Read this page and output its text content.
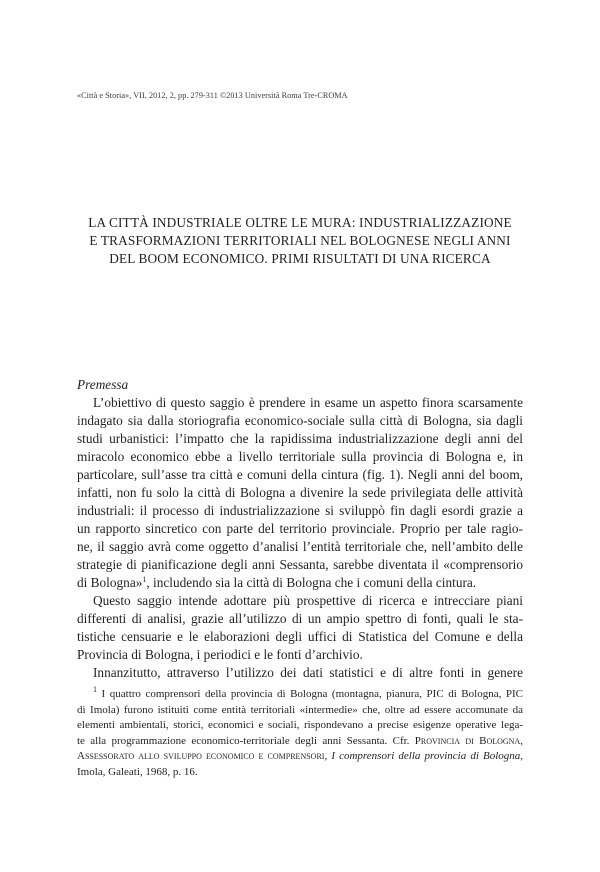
«Città e Storia», VII, 2012, 2, pp. 279-311 ©2013 Università Roma Tre-CROMA
LA CITTÀ INDUSTRIALE OLTRE LE MURA: INDUSTRIALIZZAZIONE
E TRASFORMAZIONI TERRITORIALI NEL BOLOGNESE NEGLI ANNI
DEL BOOM ECONOMICO. PRIMI RISULTATI DI UNA RICERCA
Premessa
L’obiettivo di questo saggio è prendere in esame un aspetto finora scarsamente
indagato sia dalla storiografia economico-sociale sulla città di Bologna, sia dagli
studi urbanistici: l’impatto che la rapidissima industrializzazione degli anni del
miracolo economico ebbe a livello territoriale sulla provincia di Bologna e, in
particolare, sull’asse tra città e comuni della cintura (fig. 1). Negli anni del boom,
infatti, non fu solo la città di Bologna a divenire la sede privilegiata delle attività
industriali: il processo di industrializzazione si sviluppò fin dagli esordi grazie a
un rapporto sincretico con parte del territorio provinciale. Proprio per tale ragio-
ne, il saggio avrà come oggetto d’analisi l’entità territoriale che, nell’ambito delle
strategie di pianificazione degli anni Sessanta, sarebbe diventata il «comprensorio
di Bologna»$^1$, includendo sia la città di Bologna che i comuni della cintura.
Questo saggio intende adottare più prospettive di ricerca e intrecciare piani
differenti di analisi, grazie all’utilizzo di un ampio spettro di fonti, quali le sta-
tistiche censuarie e le elaborazioni degli uffici di Statistica del Comune e della
Provincia di Bologna, i periodici e le fonti d’archivio.
Innanzitutto, attraverso l’utilizzo dei dati statistici e di altre fonti in genere
$^1$ I quattro comprensori della provincia di Bologna (montagna, pianura, PIC di Bologna, PIC
di Imola) furono istituiti come entità territoriali «intermedie» che, oltre ad essere accomunate da
elementi ambientali, storici, economici e sociali, rispondevano a precise esigenze operative lega-
te alla programmazione economico-territoriale degli anni Sessanta. Cfr. Provincia di Bologna,
Assessorato allo sviluppo economico e comprensori, I comprensori della provincia di Bologna,
Imola, Galeati, 1968, p. 16.
